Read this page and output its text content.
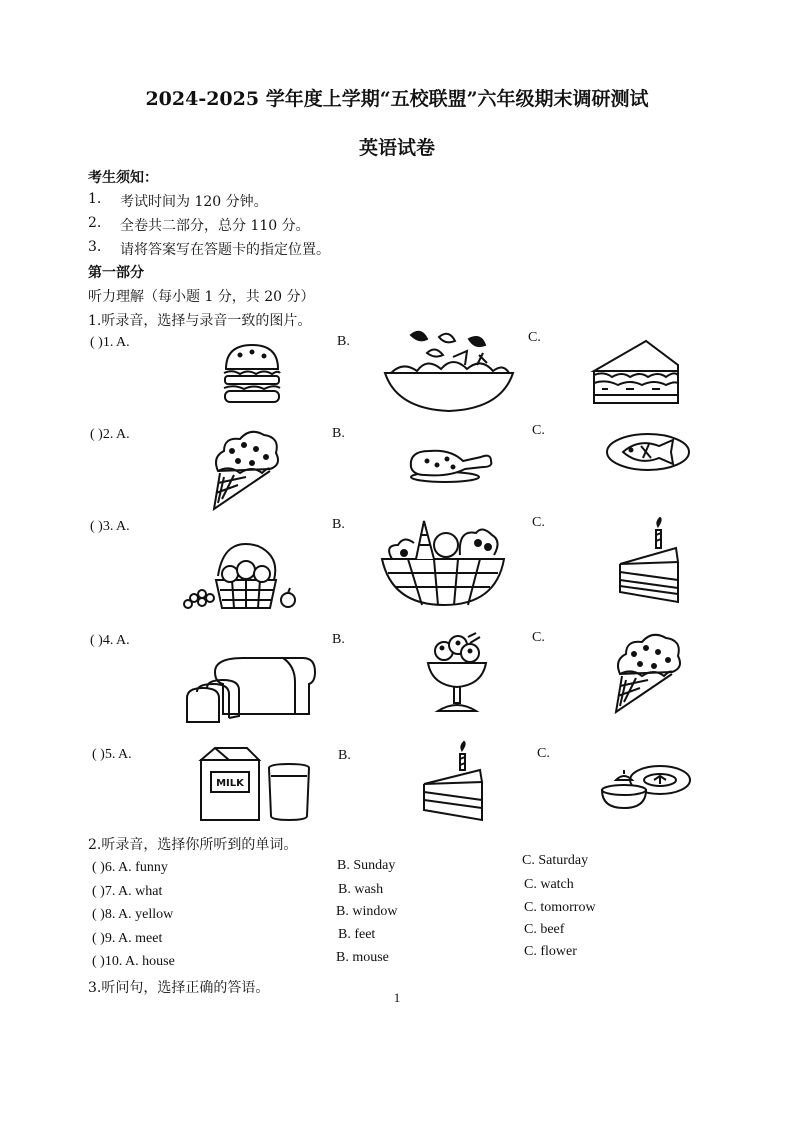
2024-2025 学年度上学期“五校联盟”六年级期末调研测试
英语试卷
考生须知：
1. 考试时间为 120 分钟。
2. 全卷共二部分，总分 110 分。
3. 请将答案写在答题卡的指定位置。
第一部分
听力理解（每小题 1 分，共 20 分）
1.听录音，选择与录音一致的图片。
( )1. A.	B.	C.
( )2. A.	B.	C.
( )3. A.	B.	C.
( )4. A.	B.	C.
( )5. A.	B.	C.
MILK
2.听录音，选择你所听到的单词。
( )6. A. funny	B. Sunday	C. Saturday
( )7. A. what	B. wash	C. watch
( )8. A. yellow	B. window	C. tomorrow
( )9. A. meet	B. feet	C. beef
( )10. A. house	B. mouse	C. flower
3.听问句，选择正确的答语。
1
